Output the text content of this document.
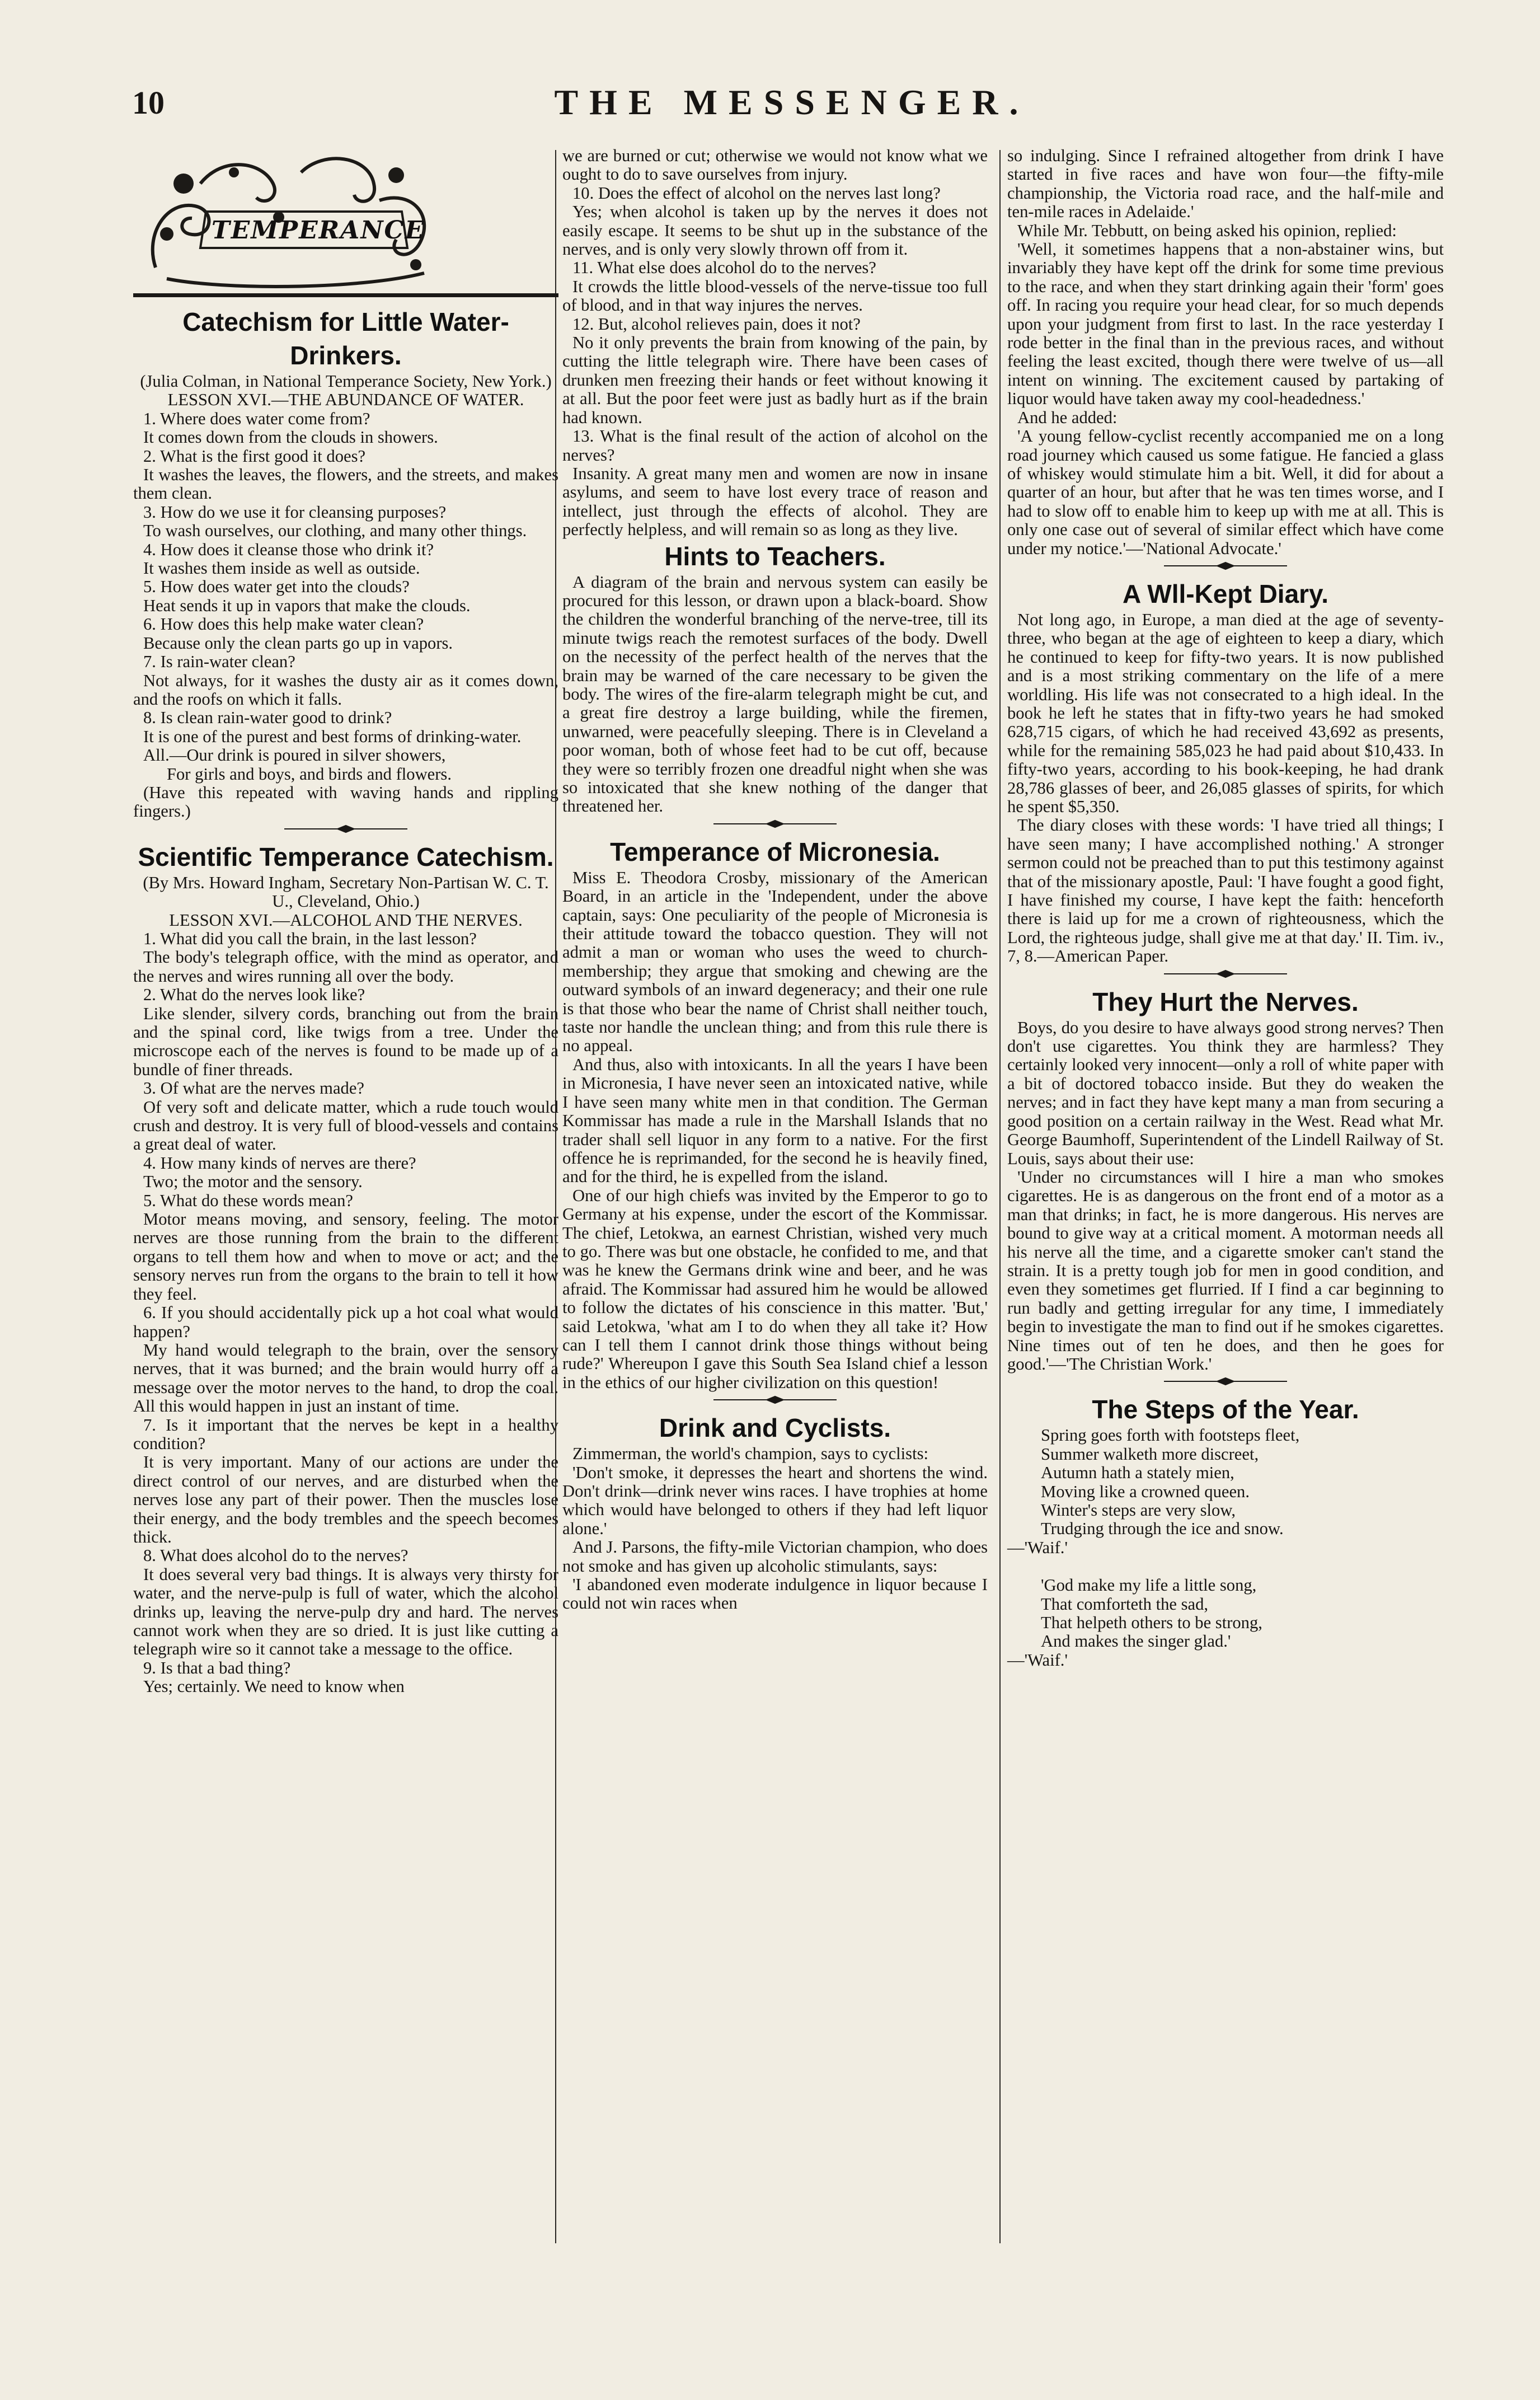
10	THE MESSENGER.
TEMPERANCE
Catechism for Little Water-Drinkers.

(Julia Colman, in National Temperance Society, New York.)

LESSON XVI.—THE ABUNDANCE OF WATER.

1. Where does water come from?

It comes down from the clouds in showers.

2. What is the first good it does?

It washes the leaves, the flowers, and the streets, and makes them clean.

3. How do we use it for cleansing purposes?

To wash ourselves, our clothing, and many other things.

4. How does it cleanse those who drink it?

It washes them inside as well as outside.

5. How does water get into the clouds?

Heat sends it up in vapors that make the clouds.

6. How does this help make water clean?

Because only the clean parts go up in vapors.

7. Is rain-water clean?

Not always, for it washes the dusty air as it comes down, and the roofs on which it falls.

8. Is clean rain-water good to drink?

It is one of the purest and best forms of drinking-water.

All.—Our drink is poured in silver showers,

For girls and boys, and birds and flowers.

(Have this repeated with waving hands and rippling fingers.)

Scientific Temperance Catechism.

(By Mrs. Howard Ingham, Secretary Non-Partisan W. C. T. U., Cleveland, Ohio.)

LESSON XVI.—ALCOHOL AND THE NERVES.

1. What did you call the brain, in the last lesson?

The body's telegraph office, with the mind as operator, and the nerves and wires running all over the body.

2. What do the nerves look like?

Like slender, silvery cords, branching out from the brain and the spinal cord, like twigs from a tree. Under the microscope each of the nerves is found to be made up of a bundle of finer threads.

3. Of what are the nerves made?

Of very soft and delicate matter, which a rude touch would crush and destroy. It is very full of blood-vessels and contains a great deal of water.

4. How many kinds of nerves are there?

Two; the motor and the sensory.

5. What do these words mean?

Motor means moving, and sensory, feeling. The motor nerves are those running from the brain to the different organs to tell them how and when to move or act; and the sensory nerves run from the organs to the brain to tell it how they feel.

6. If you should accidentally pick up a hot coal what would happen?

My hand would telegraph to the brain, over the sensory nerves, that it was burned; and the brain would hurry off a message over the motor nerves to the hand, to drop the coal. All this would happen in just an instant of time.

7. Is it important that the nerves be kept in a healthy condition?

It is very important. Many of our actions are under the direct control of our nerves, and are disturbed when the nerves lose any part of their power. Then the muscles lose their energy, and the body trembles and the speech becomes thick.

8. What does alcohol do to the nerves?

It does several very bad things. It is always very thirsty for water, and the nerve-pulp is full of water, which the alcohol drinks up, leaving the nerve-pulp dry and hard. The nerves cannot work when they are so dried. It is just like cutting a telegraph wire so it cannot take a message to the office.

9. Is that a bad thing?

Yes; certainly. We need to know when

we are burned or cut; otherwise we would not know what we ought to do to save ourselves from injury.

10. Does the effect of alcohol on the nerves last long?

Yes; when alcohol is taken up by the nerves it does not easily escape. It seems to be shut up in the substance of the nerves, and is only very slowly thrown off from it.

11. What else does alcohol do to the nerves?

It crowds the little blood-vessels of the nerve-tissue too full of blood, and in that way injures the nerves.

12. But, alcohol relieves pain, does it not?

No it only prevents the brain from knowing of the pain, by cutting the little telegraph wire. There have been cases of drunken men freezing their hands or feet without knowing it at all. But the poor feet were just as badly hurt as if the brain had known.

13. What is the final result of the action of alcohol on the nerves?

Insanity. A great many men and women are now in insane asylums, and seem to have lost every trace of reason and intellect, just through the effects of alcohol. They are perfectly helpless, and will remain so as long as they live.

Hints to Teachers.

A diagram of the brain and nervous system can easily be procured for this lesson, or drawn upon a black-board. Show the children the wonderful branching of the nerve-tree, till its minute twigs reach the remotest surfaces of the body. Dwell on the necessity of the perfect health of the nerves that the brain may be warned of the care necessary to be given the body. The wires of the fire-alarm telegraph might be cut, and a great fire destroy a large building, while the firemen, unwarned, were peacefully sleeping. There is in Cleveland a poor woman, both of whose feet had to be cut off, because they were so terribly frozen one dreadful night when she was so intoxicated that she knew nothing of the danger that threatened her.

Temperance of Micronesia.

Miss E. Theodora Crosby, missionary of the American Board, in an article in the 'Independent, under the above captain, says: One peculiarity of the people of Micronesia is their attitude toward the tobacco question. They will not admit a man or woman who uses the weed to church-membership; they argue that smoking and chewing are the outward symbols of an inward degeneracy; and their one rule is that those who bear the name of Christ shall neither touch, taste nor handle the unclean thing; and from this rule there is no appeal.

And thus, also with intoxicants. In all the years I have been in Micronesia, I have never seen an intoxicated native, while I have seen many white men in that condition. The German Kommissar has made a rule in the Marshall Islands that no trader shall sell liquor in any form to a native. For the first offence he is reprimanded, for the second he is heavily fined, and for the third, he is expelled from the island.

One of our high chiefs was invited by the Emperor to go to Germany at his expense, under the escort of the Kommissar. The chief, Letokwa, an earnest Christian, wished very much to go. There was but one obstacle, he confided to me, and that was he knew the Germans drink wine and beer, and he was afraid. The Kommissar had assured him he would be allowed to follow the dictates of his conscience in this matter. 'But,' said Letokwa, 'what am I to do when they all take it? How can I tell them I cannot drink those things without being rude?' Whereupon I gave this South Sea Island chief a lesson in the ethics of our higher civilization on this question!

Drink and Cyclists.

Zimmerman, the world's champion, says to cyclists:

'Don't smoke, it depresses the heart and shortens the wind. Don't drink—drink never wins races. I have trophies at home which would have belonged to others if they had left liquor alone.'

And J. Parsons, the fifty-mile Victorian champion, who does not smoke and has given up alcoholic stimulants, says:

'I abandoned even moderate indulgence in liquor because I could not win races when

so indulging. Since I refrained altogether from drink I have started in five races and have won four—the fifty-mile championship, the Victoria road race, and the half-mile and ten-mile races in Adelaide.'

While Mr. Tebbutt, on being asked his opinion, replied:

'Well, it sometimes happens that a non-abstainer wins, but invariably they have kept off the drink for some time previous to the race, and when they start drinking again their 'form' goes off. In racing you require your head clear, for so much depends upon your judgment from first to last. In the race yesterday I rode better in the final than in the previous races, and without feeling the least excited, though there were twelve of us—all intent on winning. The excitement caused by partaking of liquor would have taken away my cool-headedness.'

And he added:

'A young fellow-cyclist recently accompanied me on a long road journey which caused us some fatigue. He fancied a glass of whiskey would stimulate him a bit. Well, it did for about a quarter of an hour, but after that he was ten times worse, and I had to slow off to enable him to keep up with me at all. This is only one case out of several of similar effect which have come under my notice.'—'National Advocate.'

A Wll-Kept Diary.

Not long ago, in Europe, a man died at the age of seventy-three, who began at the age of eighteen to keep a diary, which he continued to keep for fifty-two years. It is now published and is a most striking commentary on the life of a mere worldling. His life was not consecrated to a high ideal. In the book he left he states that in fifty-two years he had smoked 628,715 cigars, of which he had received 43,692 as presents, while for the remaining 585,023 he had paid about $10,433. In fifty-two years, according to his book-keeping, he had drank 28,786 glasses of beer, and 26,085 glasses of spirits, for which he spent $5,350.

The diary closes with these words: 'I have tried all things; I have seen many; I have accomplished nothing.' A stronger sermon could not be preached than to put this testimony against that of the missionary apostle, Paul: 'I have fought a good fight, I have finished my course, I have kept the faith: henceforth there is laid up for me a crown of righteousness, which the Lord, the righteous judge, shall give me at that day.' II. Tim. iv., 7, 8.—American Paper.

They Hurt the Nerves.

Boys, do you desire to have always good strong nerves? Then don't use cigarettes. You think they are harmless? They certainly looked very innocent—only a roll of white paper with a bit of doctored tobacco inside. But they do weaken the nerves; and in fact they have kept many a man from securing a good position on a certain railway in the West. Read what Mr. George Baumhoff, Superintendent of the Lindell Railway of St. Louis, says about their use:

'Under no circumstances will I hire a man who smokes cigarettes. He is as dangerous on the front end of a motor as a man that drinks; in fact, he is more dangerous. His nerves are bound to give way at a critical moment. A motorman needs all his nerve all the time, and a cigarette smoker can't stand the strain. It is a pretty tough job for men in good condition, and even they sometimes get flurried. If I find a car beginning to run badly and getting irregular for any time, I immediately begin to investigate the man to find out if he smokes cigarettes. Nine times out of ten he does, and then he goes for good.'—'The Christian Work.'

The Steps of the Year.

Spring goes forth with footsteps fleet,

Summer walketh more discreet,

Autumn hath a stately mien,

Moving like a crowned queen.

Winter's steps are very slow,

Trudging through the ice and snow.

—'Waif.'

'God make my life a little song,

That comforteth the sad,

That helpeth others to be strong,

And makes the singer glad.'

—'Waif.'
